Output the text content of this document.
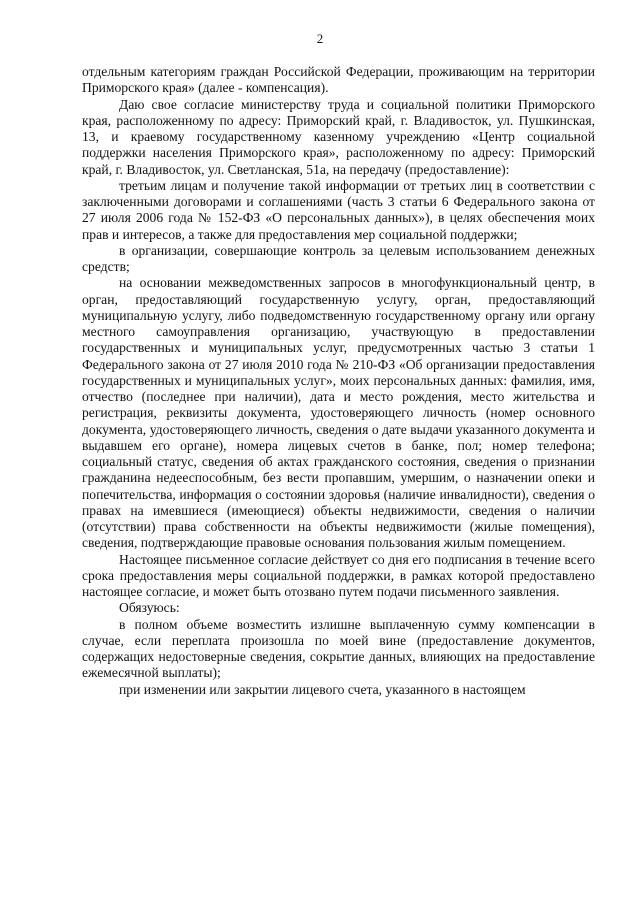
2

отдельным категориям граждан Российской Федерации, проживающим на территории Приморского края» (далее - компенсация).

Даю свое согласие министерству труда и социальной политики Приморского края, расположенному по адресу: Приморский край, г. Владивосток, ул. Пушкинская, 13, и краевому государственному казенному учреждению «Центр социальной поддержки населения Приморского края», расположенному по адресу: Приморский край, г. Владивосток, ул. Светланская, 51а, на передачу (предоставление):

третьим лицам и получение такой информации от третьих лиц в соответствии с заключенными договорами и соглашениями (часть 3 статьи 6 Федерального закона от 27 июля 2006 года № 152-ФЗ «О персональных данных»), в целях обеспечения моих прав и интересов, а также для предоставления мер социальной поддержки;

в организации, совершающие контроль за целевым использованием денежных средств;

на основании межведомственных запросов в многофункциональный центр, в орган, предоставляющий государственную услугу, орган, предоставляющий муниципальную услугу, либо подведомственную государственному органу или органу местного самоуправления организацию, участвующую в предоставлении государственных и муниципальных услуг, предусмотренных частью 3 статьи 1 Федерального закона от 27 июля 2010 года № 210-ФЗ «Об организации предоставления государственных и муниципальных услуг», моих персональных данных: фамилия, имя, отчество (последнее при наличии), дата и место рождения, место жительства и регистрация, реквизиты документа, удостоверяющего личность (номер основного документа, удостоверяющего личность, сведения о дате выдачи указанного документа и выдавшем его органе), номера лицевых счетов в банке, пол; номер телефона; социальный статус, сведения об актах гражданского состояния, сведения о признании гражданина недееспособным, без вести пропавшим, умершим, о назначении опеки и попечительства, информация о состоянии здоровья (наличие инвалидности), сведения о правах на имевшиеся (имеющиеся) объекты недвижимости, сведения о наличии (отсутствии) права собственности на объекты недвижимости (жилые помещения), сведения, подтверждающие правовые основания пользования жилым помещением.

Настоящее письменное согласие действует со дня его подписания в течение всего срока предоставления меры социальной поддержки, в рамках которой предоставлено настоящее согласие, и может быть отозвано путем подачи письменного заявления.

Обязуюсь:

в полном объеме возместить излишне выплаченную сумму компенсации в случае, если переплата произошла по моей вине (предоставление документов, содержащих недостоверные сведения, сокрытие данных, влияющих на предоставление ежемесячной выплаты);

при изменении или закрытии лицевого счета, указанного в настоящем
